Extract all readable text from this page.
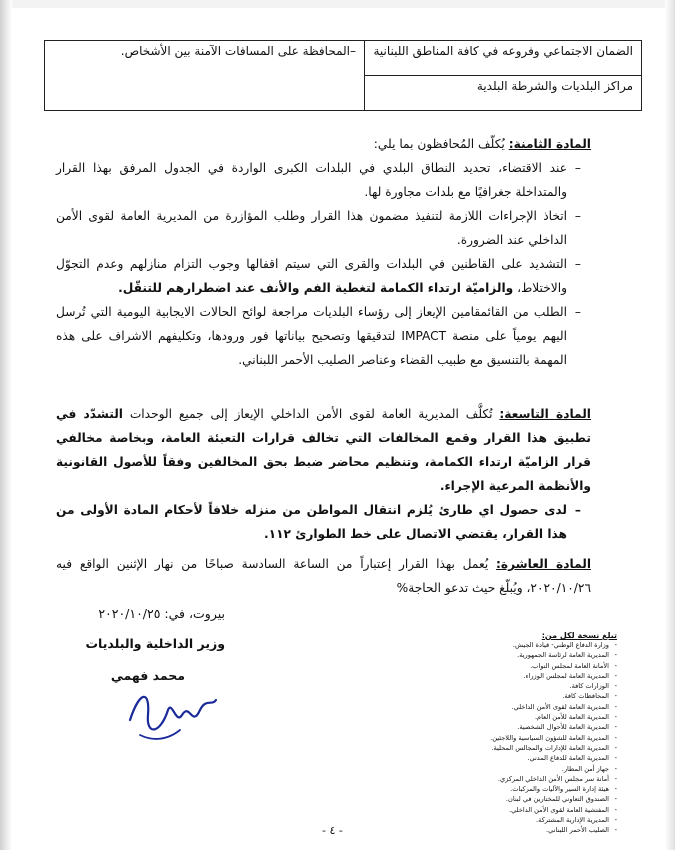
الضمان الاجتماعي وفروعه في كافة المناطق اللبنانية	–المحافظة على المسافات الآمنة بين الأشخاص.
مراكز البلديات والشرطة البلدية
المادة الثامنة: يُكلّف المُحافظون بما يلي:
– عند الاقتضاء، تحديد النطاق البلدي في البلدات الكبرى الواردة في الجدول المرفق بهذا القرار والمتداخلة جغرافيًا مع بلدات مجاورة لها.
– اتخاذ الإجراءات اللازمة لتنفيذ مضمون هذا القرار وطلب المؤازرة من المديرية العامة لقوى الأمن الداخلي عند الضرورة.
– التشديد على القاطنين في البلدات والقرى التي سيتم اقفالها وجوب التزام منازلهم وعدم التجوّل والاختلاط، والزاميّة ارتداء الكمامة لتغطية الفم والأنف عند اضطرارهم للتنقّل.
– الطلب من القائمقامين الإيعاز إلى رؤساء البلديات مراجعة لوائح الحالات الايجابية اليومية التي تُرسل اليهم يومياً على منصة IMPACT لتدقيقها وتصحيح بياناتها فور ورودها، وتكليفهم الاشراف على هذه المهمة بالتنسيق مع طبيب القضاء وعناصر الصليب الأحمر اللبناني.
المادة التاسعة: تُكلَّف المديرية العامة لقوى الأمن الداخلي الإيعاز إلى جميع الوحدات التشدّد في تطبيق هذا القرار وقمع المخالفات التي تخالف قرارات التعبئة العامة، وبخاصة مخالفي قرار الزاميّة ارتداء الكمامة، وتنظيم محاضر ضبط بحق المخالفين وفقاً للأصول القانونية والأنظمة المرعية الإجراء.
– لدى حصول اي طارئ يُلزم انتقال المواطن من منزله خلافاً لأحكام المادة الأولى من هذا القرار، يقتضي الاتصال على خط الطوارئ ١١٢.
المادة العاشرة: يُعمل بهذا القرار إعتباراً من الساعة السادسة صباحًا من نهار الإثنين الواقع فيه ٢٠٢٠/١٠/٢٦، ويُبلّغ حيث تدعو الحاجة%
بيروت، في: ٢٠٢٠/١٠/٢٥
وزير الداخلية والبلديات
محمد فهمي
تبلغ نسخة لكل من:
- وزارة الدفاع الوطني- قيادة الجيش.
- المديرية العامة لرئاسة الجمهورية.
- الأمانة العامة لمجلس النواب.
- المديرية العامة لمجلس الوزراء.
- الوزارات كافة.
- المحافظات كافة.
- المديرية العامة لقوى الأمن الداخلي.
- المديرية العامة للأمن العام.
- المديرية العامة للأحوال الشخصية.
- المديرية العامة للشؤون السياسية واللاجئين.
- المديرية العامة للإدارات والمجالس المحلية.
- المديرية العامة للدفاع المدني.
- جهاز أمن المطار.
- أمانة سر مجلس الأمن الداخلي المركزي.
- هيئة إدارة السير والآليات والمركبات.
- الصندوق التعاوني للمختارين في لبنان.
- المفتشية العامة لقوى الأمن الداخلي.
- المديرية الإدارية المشتركة.
- الصليب الأحمر اللبناني.
- ٤ -
